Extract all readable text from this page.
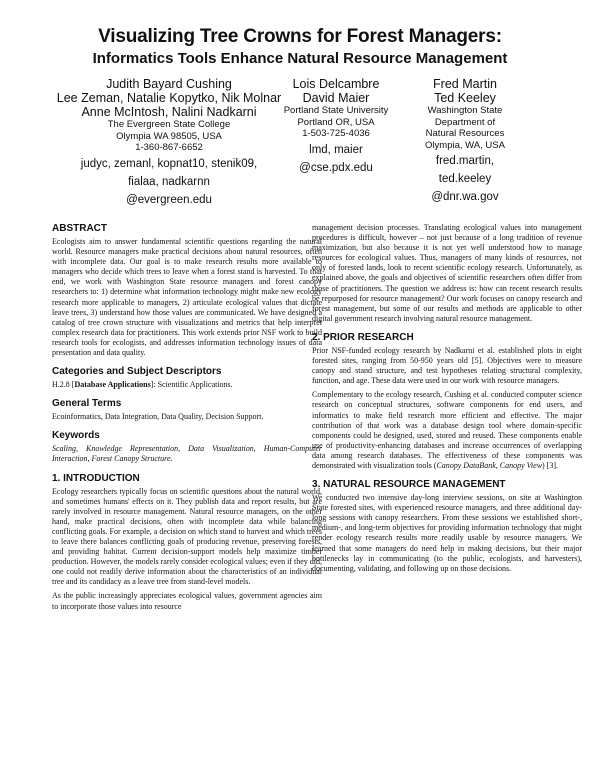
Visualizing Tree Crowns for Forest Managers:
Informatics Tools Enhance Natural Resource Management
Judith Bayard Cushing
Lee Zeman, Natalie Kopytko, Nik Molnar
Anne McIntosh, Nalini Nadkarni
The Evergreen State College
Olympia WA 98505, USA
1-360-867-6652
judyc, zemanl, kopnat10, stenik09,
fialaa, nadkarnn
@evergreen.edu
Lois Delcambre
David Maier
Portland State University
Portland OR, USA
1-503-725-4036
lmd, maier
@cse.pdx.edu
Fred Martin
Ted Keeley
Washington State
Department of
Natural Resources
Olympia, WA, USA
fred.martin,
ted.keeley
@dnr.wa.gov
ABSTRACT

Ecologists aim to answer fundamental scientific questions regarding the natural world. Resource managers make practical decisions about natural resources, often with incomplete data. Our goal is to make research results more available to managers who decide which trees to leave when a forest stand is harvested. To that end, we work with Washington State resource managers and forest canopy researchers to: 1) determine what information technology might make new ecology research more applicable to managers, 2) articulate ecological values that dictate leave trees, 3) understand how those values are communicated. We have designed a catalog of tree crown structure with visualizations and metrics that help interpret complex research data for practitioners. This work extends prior NSF work to build research tools for ecologists, and addresses information technology issues of data presentation and data quality.

Categories and Subject Descriptors

H.2.8 [Database Applications]: Scientific Applications.

General Terms

Ecoinformatics, Data Integration, Data Quality, Decision Support.

Keywords

Scaling, Knowledge Representation, Data Visualization, Human-Computer Interaction, Forest Canopy Structure.

1. INTRODUCTION

Ecology researchers typically focus on scientific questions about the natural world, and sometimes humans' effects on it. They publish data and report results, but are rarely involved in resource management. Natural resource managers, on the other hand, make practical decisions, often with incomplete data while balancing conflicting goals. For example, a decision on which stand to harvest and which trees to leave there balances conflicting goals of producing revenue, preserving forests, and providing habitat. Current decision-support models help maximize timber production. However, the models rarely consider ecological values; even if they did, one could not readily derive information about the characteristics of an individual tree and its candidacy as a leave tree from stand-level models.

As the public increasingly appreciates ecological values, government agencies aim to incorporate those values into resource

management decision processes. Translating ecological values into management procedures is difficult, however – not just because of a long tradition of revenue maximization, but also because it is not yet well understood how to manage resources for ecological values. Thus, managers of many kinds of resources, not only of forested lands, look to recent scientific ecology research. Unfortunately, as explained above, the goals and objectives of scientific researchers often differ from those of practitioners. The question we address is: how can recent research results be repurposed for resource management? Our work focuses on canopy research and forest management, but some of our results and methods are applicable to other digital government research involving natural resource management.

2. PRIOR RESEARCH

Prior NSF-funded ecology research by Nadkarni et al. established plots in eight forested sites, ranging from 50-950 years old [5]. Objectives were to measure canopy and stand structure, and test hypotheses relating structural complexity, function, and age. These data were used in our work with resource managers.

Complementary to the ecology research, Cushing et al. conducted computer science research on conceptual structures, software components for end users, and informatics to make field research more efficient and effective. The major contribution of that work was a database design tool where domain-specific components could be designed, used, stored and reused. These components enable use of productivity-enhancing databases and increase occurrences of overlapping data among research databases. The effectiveness of these components was demonstrated with visualization tools (Canopy DataBank, Canopy View) [3].

3. NATURAL RESOURCE MANAGEMENT

We conducted two intensive day-long interview sessions, on site at Washington State forested sites, with experienced resource managers, and three additional day-long sessions with canopy researchers. From these sessions we established short-, medium-, and long-term objectives for providing information technology that might render ecology research results more readily usable by resource managers. We learned that some managers do need help in making decisions, but their major bottlenecks lay in communicating (to the public, ecologists, and harvesters), documenting, validating, and following up on those decisions.
